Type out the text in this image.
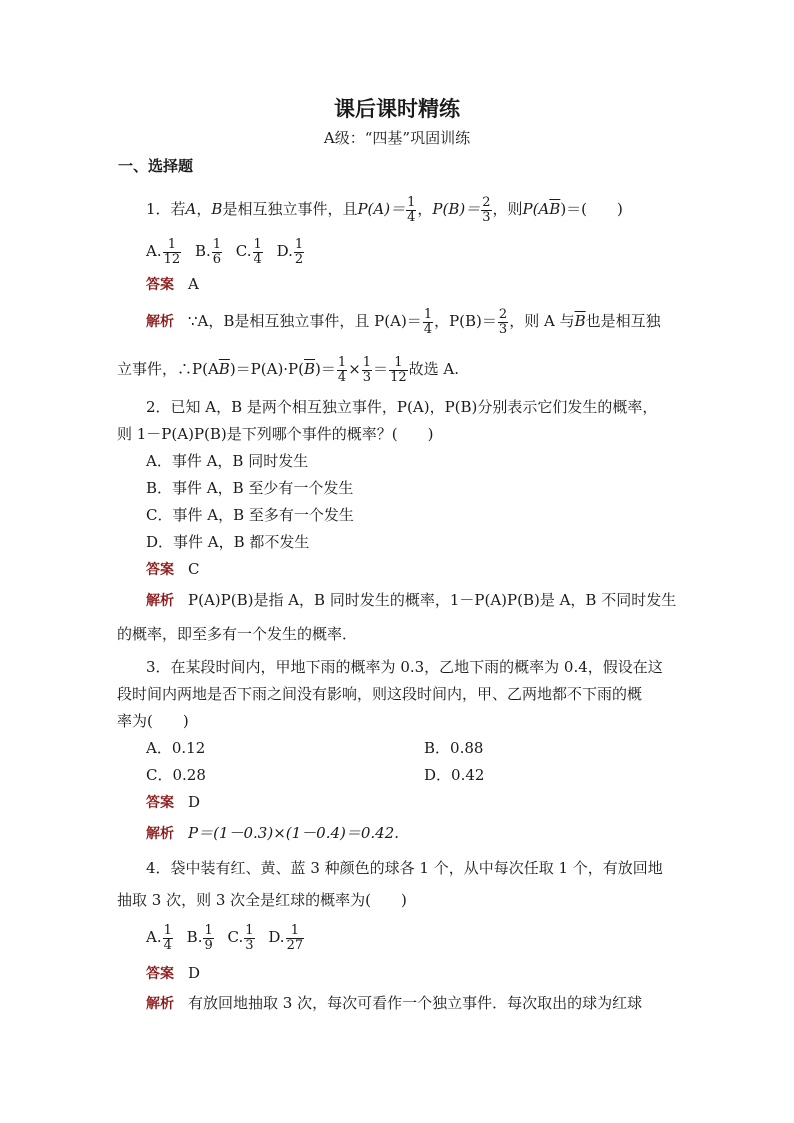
课后课时精练
A级：“四基”巩固训练
一、选择题
1．若A，B是相互独立事件，且$P(A)= \frac{1}{4}$ ，$P(B)= \frac{2}{3}$ ，则$P(A\overline{B})=$(　　)
A. $\frac{1}{12} B$. $\frac{1}{6} C$. $\frac{1}{4} D$. $\frac{1}{2}$
答案 A
解析 ∵A，B是相互独立事件，且 $P(A)= \frac{1}{4}$ ，$P(B)= \frac{2}{3}$ ，则 A 与$\overline{B}$也是相互独
立事件，$\therefore P(A\overline{B})=P(A)\cdot P(\overline{B})= \frac{1}{4} \times \frac{1}{3} = \frac{1}{12}$ 故选 A.
2．已知 A，B 是两个相互独立事件，P(A)，P(B)分别表示它们发生的概率，
则 1－P(A)P(B)是下列哪个事件的概率？(　　)
A．事件 A，B 同时发生
B．事件 A，B 至少有一个发生
C．事件 A，B 至多有一个发生
D．事件 A，B 都不发生
答案 C
解析 P(A)P(B)是指 A，B 同时发生的概率，1－P(A)P(B)是 A，B 不同时发生
的概率，即至多有一个发生的概率．
3．在某段时间内，甲地下雨的概率为 0.3，乙地下雨的概率为 0.4，假设在这
段时间内两地是否下雨之间没有影响，则这段时间内，甲、乙两地都不下雨的概
率为(　　)
A．0.12	B．0.88
C．0.28	D．0.42
答案 D
解析 P＝(1－0.3)×(1－0.4)＝0.42.
4．袋中装有红、黄、蓝 3 种颜色的球各 1 个，从中每次任取 1 个，有放回地
抽取 3 次，则 3 次全是红球的概率为(　　)
A. $\frac{1}{4} B$. $\frac{1}{9} C$. $\frac{1}{3} D$. $\frac{1}{27}$
答案 D
解析 有放回地抽取 3 次，每次可看作一个独立事件．每次取出的球为红球
